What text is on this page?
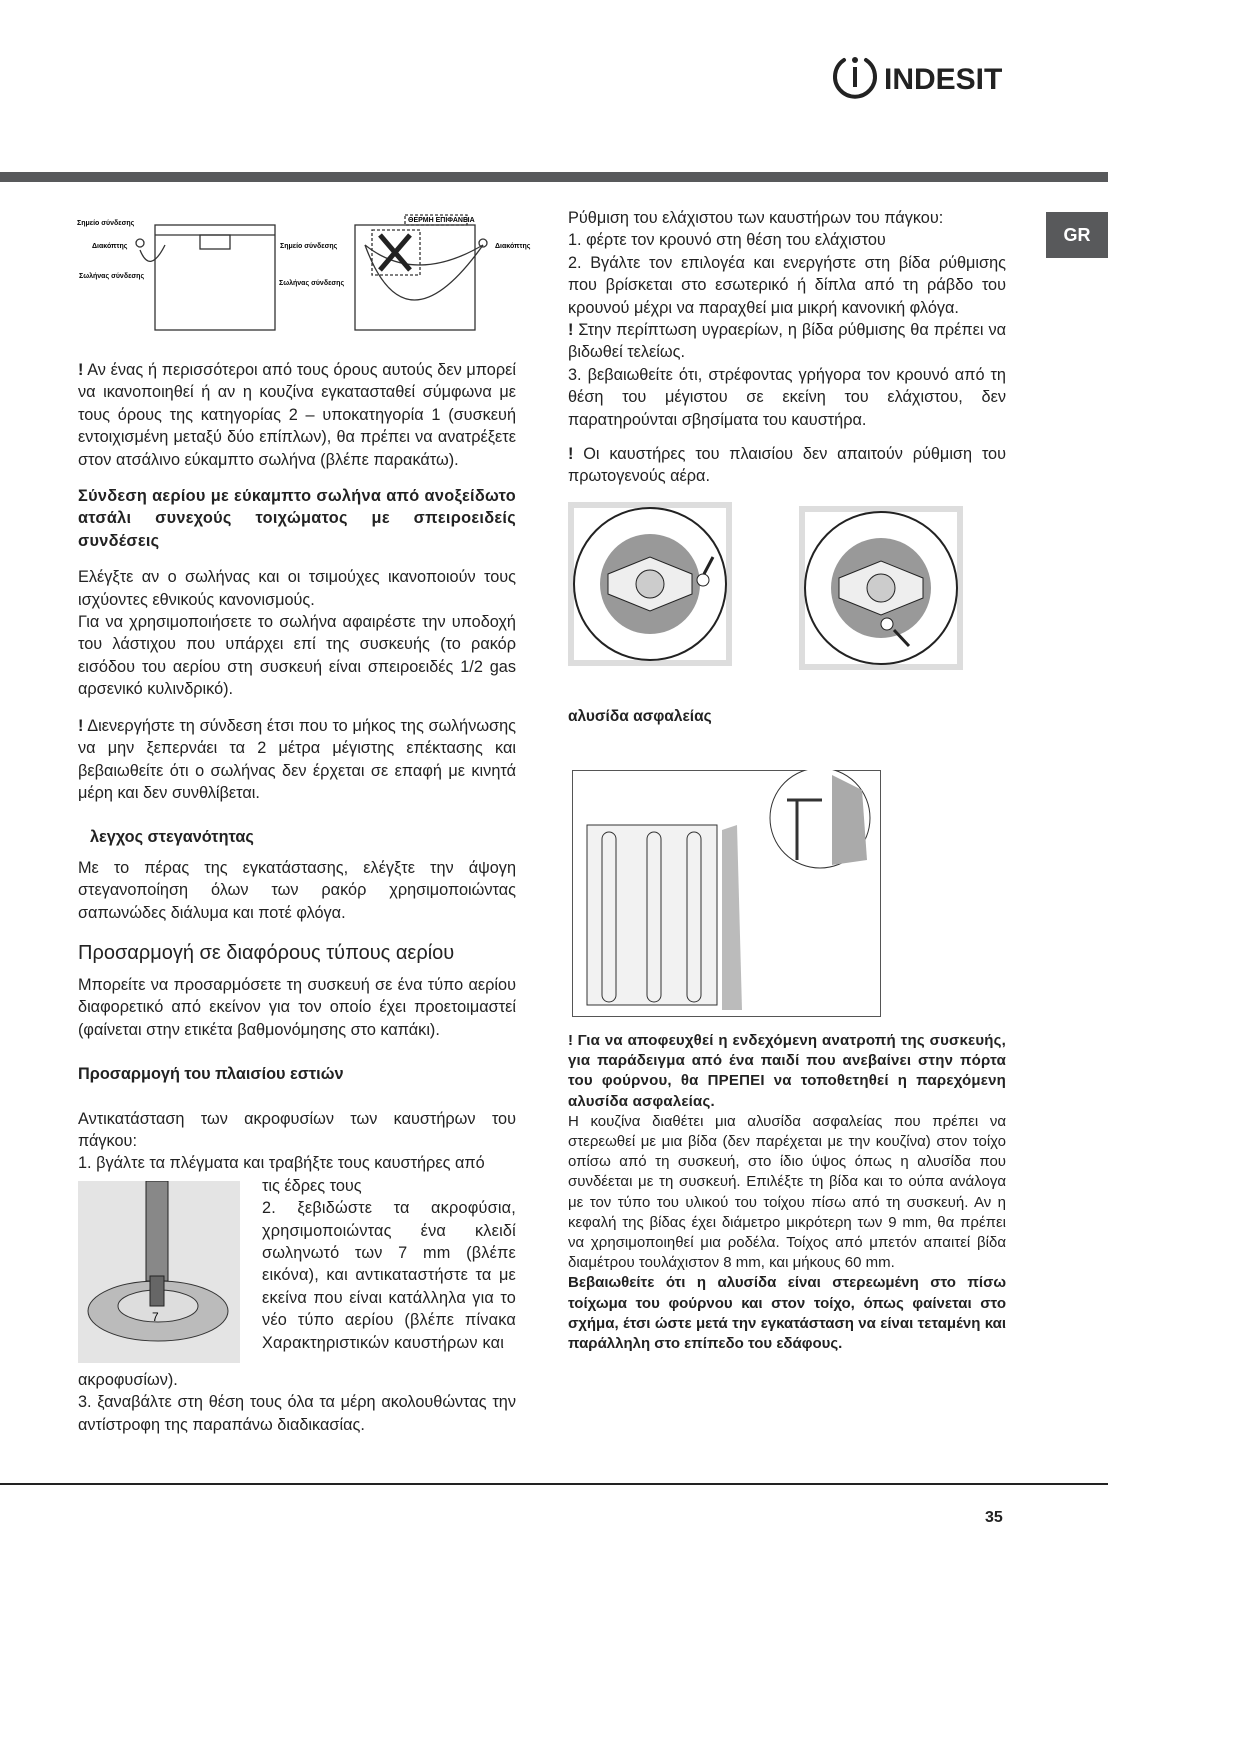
INDESIT
GR
Σημείο σύνδεσης
Διακόπτης
Σωλήνας σύνδεσης
Σημείο σύνδεσης
Σωλήνας σύνδεσης
ΘΕΡΜΗ ΕΠΙΦΑΝΕΙΑ
Διακόπτης

! Αν ένας ή περισσότεροι από τους όρους αυτούς δεν μπορεί να ικανοποιηθεί ή αν η κουζίνα εγκατασταθεί σύμφωνα με τους όρους της κατηγορίας 2 – υποκατηγορία 1 (συσκευή εντοιχισμένη μεταξύ δύο επίπλων), θα πρέπει να ανατρέξετε στον ατσάλινο εύκαμπτο σωλήνα (βλέπε παρακάτω).

Σύνδεση αερίου με εύκαμπτο σωλήνα από ανοξείδωτο ατσάλι συνεχούς τοιχώματος με σπειροειδείς συνδέσεις

Ελέγξτε αν ο σωλήνας και οι τσιμούχες ικανοποιούν τους ισχύοντες εθνικούς κανονισμούς.

Για να χρησιμοποιήσετε το σωλήνα αφαιρέστε την υποδοχή του λάστιχου που υπάρχει επί της συσκευής (το ρακόρ εισόδου του αερίου στη συσκευή είναι σπειροειδές 1/2 gas αρσενικό κυλινδρικό).

! Διενεργήστε τη σύνδεση έτσι που το μήκος της σωλήνωσης να μην ξεπερνάει τα 2 μέτρα μέγιστης επέκτασης και βεβαιωθείτε ότι ο σωλήνας δεν έρχεται σε επαφή με κινητά μέρη και δεν συνθλίβεται.

λεγχος στεγανότητας

Με το πέρας της εγκατάστασης, ελέγξτε την άψογη στεγανοποίηση όλων των ρακόρ χρησιμοποιώντας σαπωνώδες διάλυμα και ποτέ φλόγα.

Προσαρμογή σε διαφόρους τύπους αερίου

Μπορείτε να προσαρμόσετε τη συσκευή σε ένα τύπο αερίου διαφορετικό από εκείνον για τον οποίο έχει προετοιμαστεί (φαίνεται στην ετικέτα βαθμονόμησης στο καπάκι).

Προσαρμογή του πλαισίου εστιών

Αντικατάσταση των ακροφυσίων των καυστήρων του πάγκου:

1. βγάλτε τα πλέγματα και τραβήξτε τους καυστήρες από

7

τις έδρες τους

2. ξεβιδώστε τα ακροφύσια, χρησιμοποιώντας ένα κλειδί σωληνωτό των 7 mm (βλέπε εικόνα), και αντικαταστήστε τα με εκείνα που είναι κατάλληλα για το νέο τύπο αερίου (βλέπε πίνακα Χαρακτηριστικών καυστήρων και

ακροφυσίων).

3. ξαναβάλτε στη θέση τους όλα τα μέρη ακολουθώντας την αντίστροφη της παραπάνω διαδικασίας.

Ρύθμιση του ελάχιστου των καυστήρων του πάγκου:

1. φέρτε τον κρουνό στη θέση του ελάχιστου

2. Βγάλτε τον επιλογέα και ενεργήστε στη βίδα ρύθμισης που βρίσκεται στο εσωτερικό ή δίπλα από τη ράβδο του κρουνού μέχρι να παραχθεί μια μικρή κανονική φλόγα.

! Στην περίπτωση υγραερίων, η βίδα ρύθμισης θα πρέπει να βιδωθεί τελείως.

3. βεβαιωθείτε ότι, στρέφοντας γρήγορα τον κρουνό από τη θέση του μέγιστου σε εκείνη του ελάχιστου, δεν παρατηρούνται σβησίματα του καυστήρα.

! Οι καυστήρες του πλαισίου δεν απαιτούν ρύθμιση του πρωτογενούς αέρα.

αλυσίδα ασφαλείας

! Για να αποφευχθεί η ενδεχόμενη ανατροπή της συσκευής, για παράδειγμα από ένα παιδί που ανεβαίνει στην πόρτα του φούρνου, θα ΠΡΕΠΕΙ να τοποθετηθεί η παρεχόμενη αλυσίδα ασφαλείας.

Η κουζίνα διαθέτει μια αλυσίδα ασφαλείας που πρέπει να στερεωθεί με μια βίδα (δεν παρέχεται με την κουζίνα) στον τοίχο οπίσω από τη συσκευή, στο ίδιο ύψος όπως η αλυσίδα που συνδέεται με τη συσκευή. Επιλέξτε τη βίδα και το ούπα ανάλογα με τον τύπο του υλικού του τοίχου πίσω από τη συσκευή. Αν η κεφαλή της βίδας έχει διάμετρο μικρότερη των 9 mm, θα πρέπει να χρησιμοποιηθεί μια ροδέλα. Τοίχος από μπετόν απαιτεί βίδα διαμέτρου τουλάχιστον 8 mm, και μήκους 60 mm.

Βεβαιωθείτε ότι η αλυσίδα είναι στερεωμένη στο πίσω τοίχωμα του φούρνου και στον τοίχο, όπως φαίνεται στο σχήμα, έτσι ώστε μετά την εγκατάσταση να είναι τεταμένη και παράλληλη στο επίπεδο του εδάφους.

35
